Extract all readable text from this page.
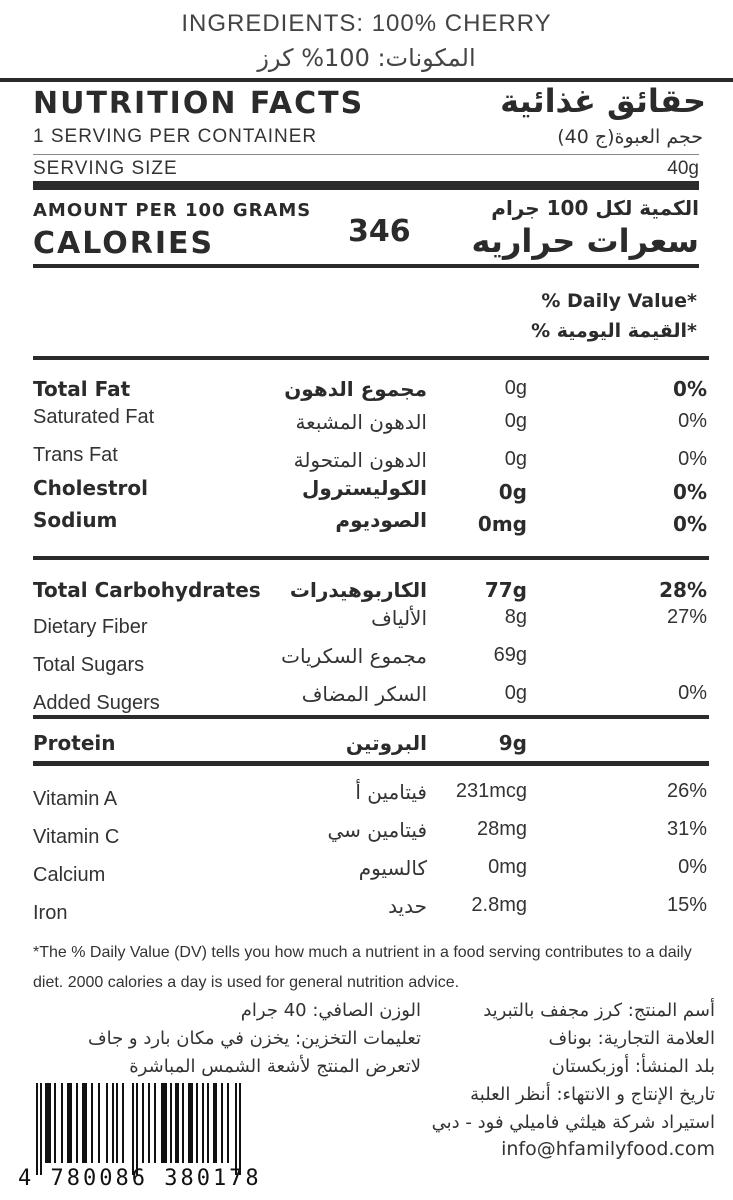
INGREDIENTS: 100% CHERRY
المكونات: 100% كرز
NUTRITION FACTS	حقائق غذائية
1 SERVING PER CONTAINER	حجم العبوة(ج 40)
SERVING SIZE	40g
AMOUNT PER 100 GRAMS
CALORIES	346
الكمية لكل 100 جرام
سعرات حراريه
% Daily Value*
*القيمة اليومية %
Total Fat	مجموع الدهون	0g	0%
Saturated Fat	الدهون المشبعة	0g	0%
Trans Fat	الدهون المتحولة	0g	0%
Cholestrol	الكوليسترول	0g	0%
Sodium	الصوديوم	0mg	0%
Total Carbohydrates الكاربوهيدرات	77g	28%
Dietary Fiber	الألياف	8g	27%
Total Sugars	مجموع السكريات	69g
Added Sugers	السكر المضاف	0g	0%
Protein	البروتين	9g
Vitamin A	فيتامين أ 231mcg	26%
Vitamin C	فيتامين سي 28mg	31%
Calcium	كالسيوم	0mg	0%
Iron	حديد 2.8mg	15%
*The % Daily Value (DV) tells you how much a nutrient in a food serving contributes to a daily diet. 2000 calories a day is used for general nutrition advice.
أسم المنتج: كرز مجفف بالتبريد
العلامة التجارية: بوناف
بلد المنشأ: أوزبكستان
تاريخ الإنتاج و الانتهاء: أنظر العلبة
استيراد شركة هيلثي فاميلي فود - دبي
info@hfamilyfood.com
الوزن الصافي: 40 جرام
تعليمات التخزين: يخزن في مكان بارد و جاف
لاتعرض المنتج لأشعة الشمس المباشرة
4 780086 380178
